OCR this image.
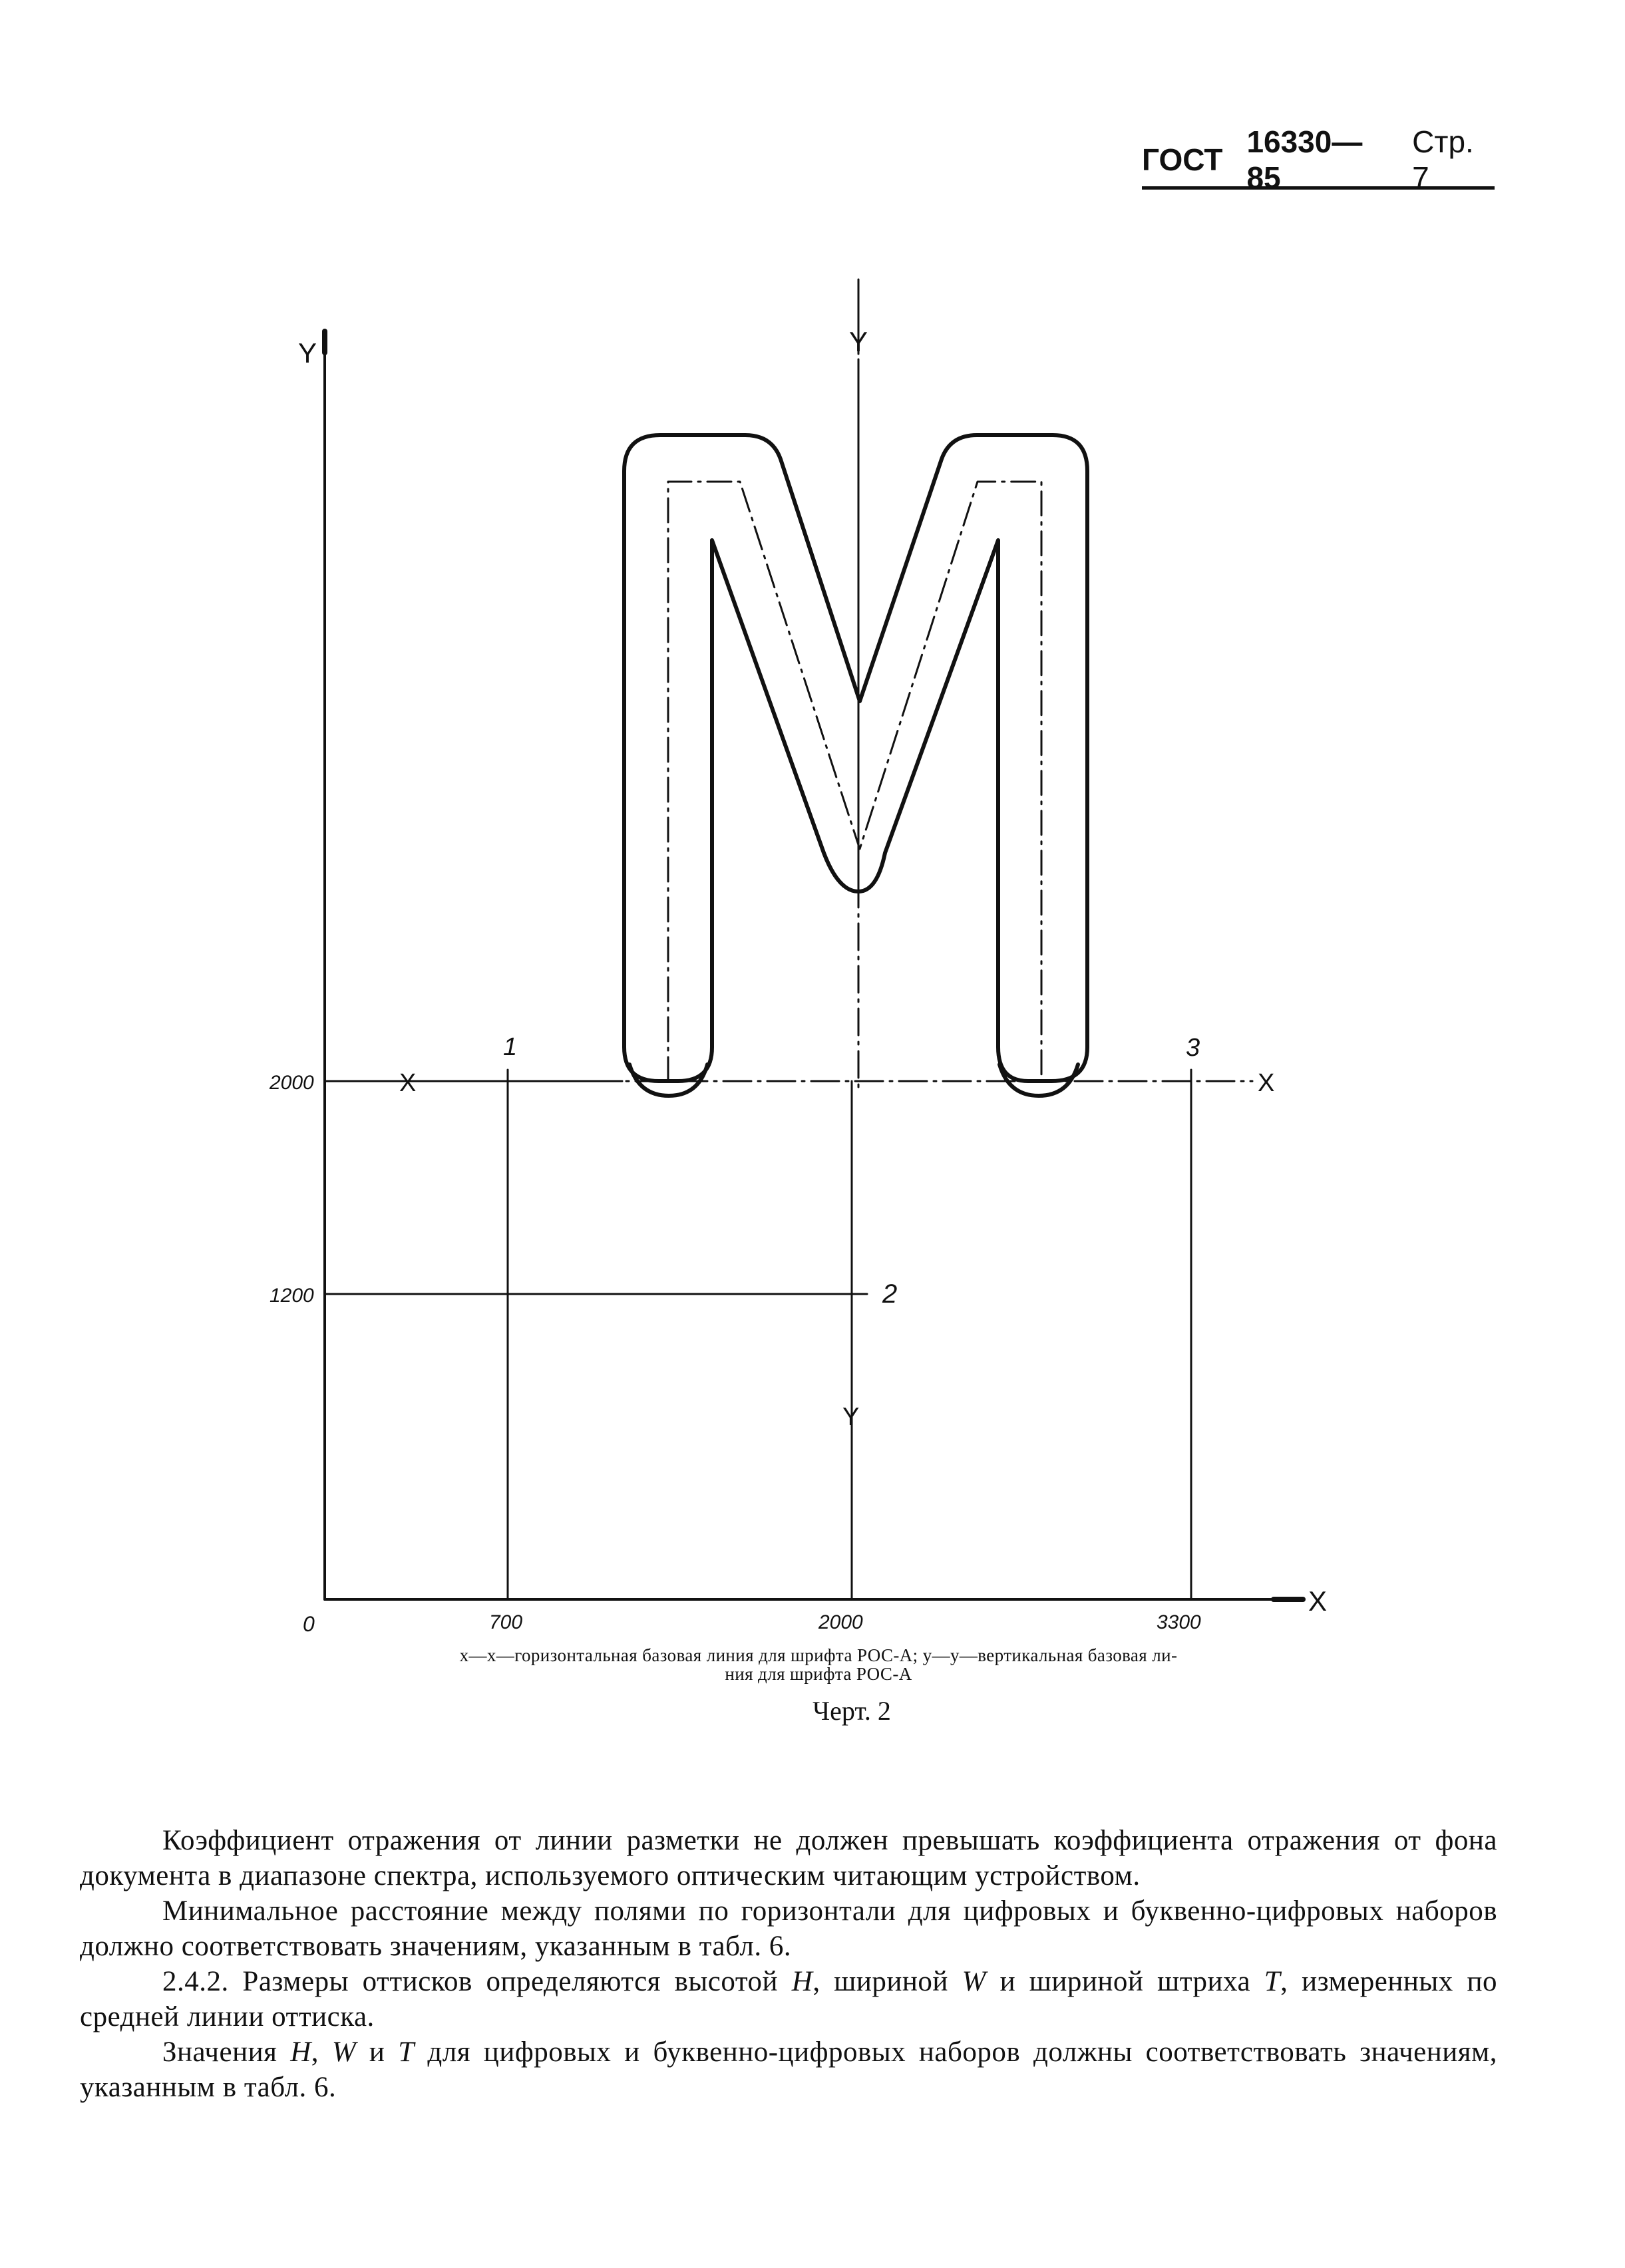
ГОСТ
16330—85
Стр. 7
Y	Y
X
0
Y
X	X
700	2000	3300
1200
2000
1
2
3
x—x—горизонтальная базовая линия для шрифта РОС-А; y—y—вертикальная базовая ли-
ния для шрифта РОС-А
Черт. 2

Коэффициент отражения от линии разметки не должен превышать коэффициента отражения от фона документа в диапазоне спектра, используемого оптическим читающим устройством.

Минимальное расстояние между полями по горизонтали для цифровых и буквенно-цифровых наборов должно соответствовать значениям, указанным в табл. 6.

2.4.2. Размеры оттисков определяются высотой H, шириной W и шириной штриха T, измеренных по средней линии оттиска.

Значения H, W и T для цифровых и буквенно-цифровых наборов должны соответствовать значениям, указанным в табл. 6.
